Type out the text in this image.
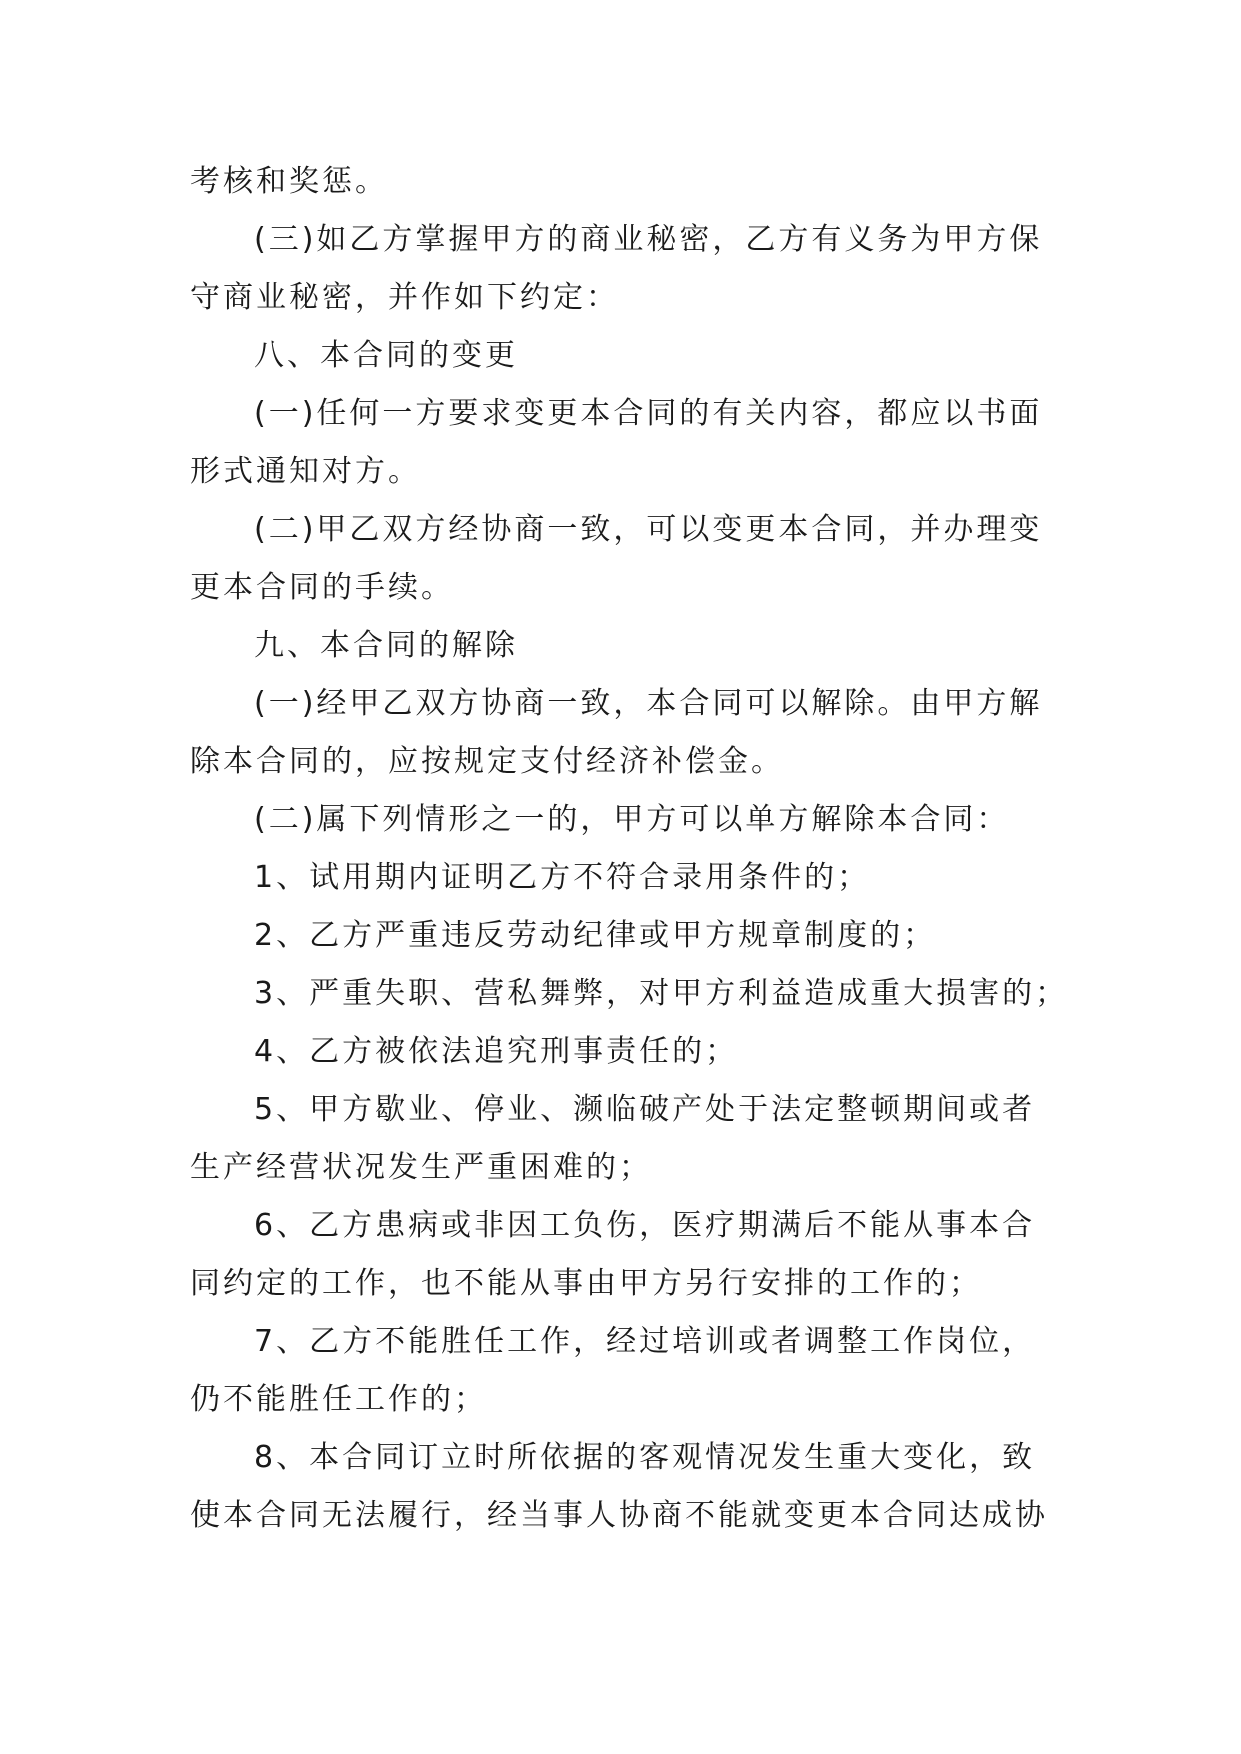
考核和奖惩。
(三)如乙方掌握甲方的商业秘密，乙方有义务为甲方保
守商业秘密，并作如下约定：
八、本合同的变更
(一)任何一方要求变更本合同的有关内容，都应以书面
形式通知对方。
(二)甲乙双方经协商一致，可以变更本合同，并办理变
更本合同的手续。
九、本合同的解除
(一)经甲乙双方协商一致，本合同可以解除。由甲方解
除本合同的，应按规定支付经济补偿金。
(二)属下列情形之一的，甲方可以单方解除本合同：
1、试用期内证明乙方不符合录用条件的；
2、乙方严重违反劳动纪律或甲方规章制度的；
3、严重失职、营私舞弊，对甲方利益造成重大损害的；
4、乙方被依法追究刑事责任的；
5、甲方歇业、停业、濒临破产处于法定整顿期间或者
生产经营状况发生严重困难的；
6、乙方患病或非因工负伤，医疗期满后不能从事本合
同约定的工作，也不能从事由甲方另行安排的工作的；
7、乙方不能胜任工作，经过培训或者调整工作岗位，
仍不能胜任工作的；
8、本合同订立时所依据的客观情况发生重大变化，致
使本合同无法履行，经当事人协商不能就变更本合同达成协
